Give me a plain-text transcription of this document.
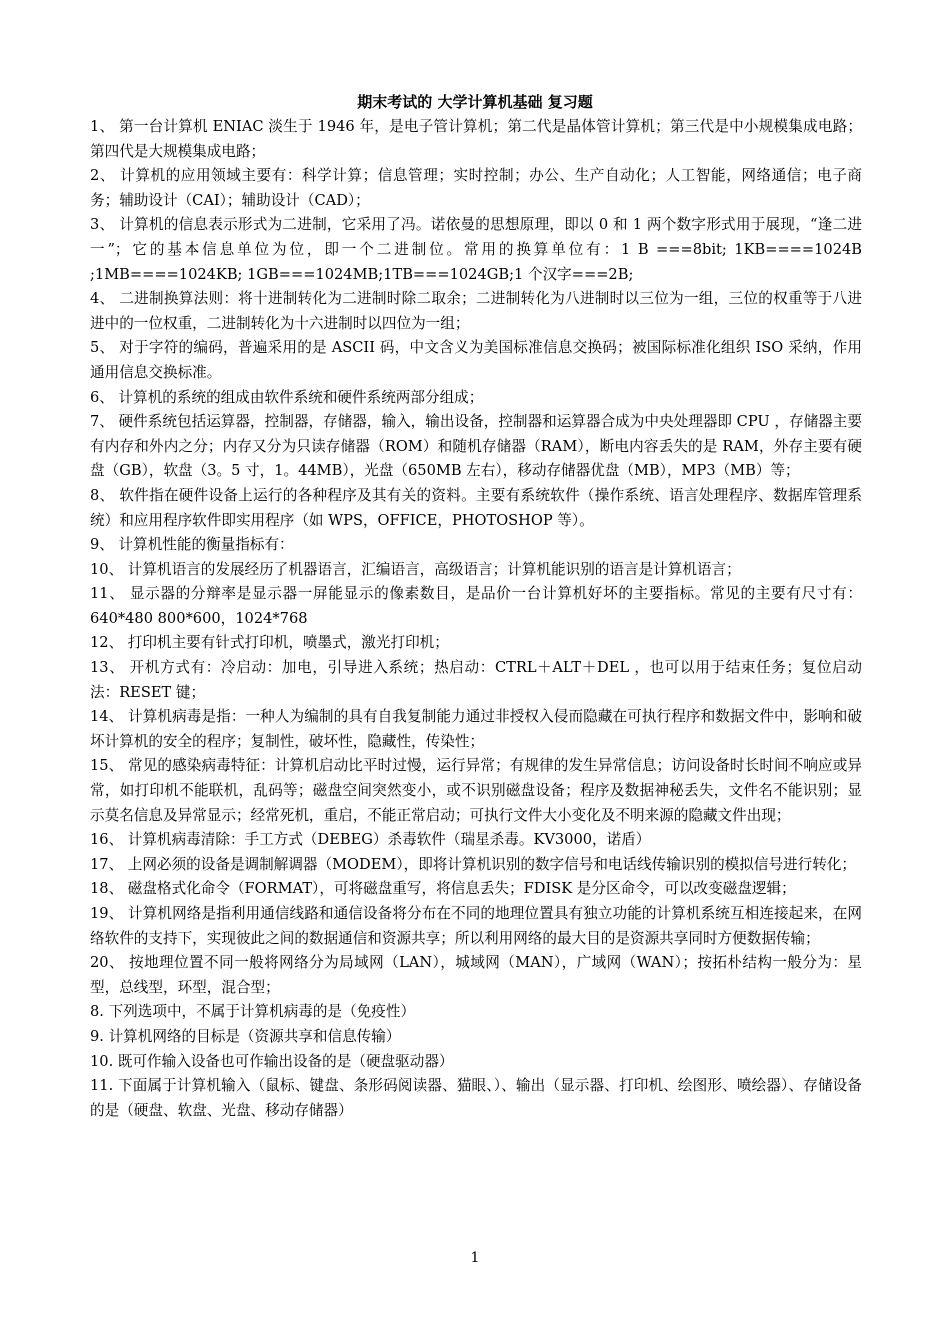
期末考试的 大学计算机基础 复习题

1、 第一台计算机 ENIAC 淡生于 1946 年，是电子管计算机；第二代是晶体管计算机；第三代是中小规模集成电路；第四代是大规模集成电路；

2、 计算机的应用领域主要有：科学计算；信息管理；实时控制；办公、生产自动化；人工智能，网络通信；电子商务；辅助设计（CAI）；辅助设计（CAD）；

3、 计算机的信息表示形式为二进制，它采用了冯。诺依曼的思想原理，即以 0 和 1 两个数字形式用于展现，“逢二进一”；它的基本信息单位为位，即一个二进制位。常用的换算单位有：1 B ===8bit; 1KB====1024B ;1MB====1024KB; 1GB===1024MB;1TB===1024GB;1 个汉字===2B;

4、 二进制换算法则：将十进制转化为二进制时除二取余；二进制转化为八进制时以三位为一组，三位的权重等于八进进中的一位权重，二进制转化为十六进制时以四位为一组；

5、 对于字符的编码，普遍采用的是 ASCII 码，中文含义为美国标准信息交换码；被国际标准化组织 ISO 采纳，作用通用信息交换标准。

6、 计算机的系统的组成由软件系统和硬件系统两部分组成；

7、 硬件系统包括运算器，控制器，存储器，输入，输出设备，控制器和运算器合成为中央处理器即 CPU ，存储器主要有内存和外内之分；内存又分为只读存储器（ROM）和随机存储器（RAM），断电内容丢失的是 RAM，外存主要有硬盘（GB），软盘（3。5 寸，1。44MB），光盘（650MB 左右），移动存储器优盘（MB），MP3（MB）等；

8、 软件指在硬件设备上运行的各种程序及其有关的资料。主要有系统软件（操作系统、语言处理程序、数据库管理系统）和应用程序软件即实用程序（如 WPS，OFFICE，PHOTOSHOP 等）。

9、 计算机性能的衡量指标有：

10、 计算机语言的发展经历了机器语言，汇编语言，高级语言；计算机能识别的语言是计算机语言；

11、 显示器的分辩率是显示器一屏能显示的像素数目，是品价一台计算机好坏的主要指标。常见的主要有尺寸有：640*480 800*600，1024*768

12、 打印机主要有针式打印机，喷墨式，激光打印机；

13、 开机方式有：冷启动：加电，引导进入系统；热启动：CTRL＋ALT＋DEL ，也可以用于结束任务；复位启动法：RESET 键；

14、 计算机病毒是指：一种人为编制的具有自我复制能力通过非授权入侵而隐藏在可执行程序和数据文件中，影响和破坏计算机的安全的程序；复制性，破坏性，隐藏性，传染性；

15、 常见的感染病毒特征：计算机启动比平时过慢，运行异常；有规律的发生异常信息；访问设备时长时间不响应或异常，如打印机不能联机，乱码等；磁盘空间突然变小，或不识别磁盘设备；程序及数据神秘丢失，文件名不能识别；显示莫名信息及异常显示；经常死机，重启，不能正常启动；可执行文件大小变化及不明来源的隐藏文件出现；

16、 计算机病毒清除：手工方式（DEBEG）杀毒软件（瑞星杀毒。KV3000，诺盾）

17、 上网必须的设备是调制解调器（MODEM），即将计算机识别的数字信号和电话线传输识别的模拟信号进行转化；

18、 磁盘格式化命令（FORMAT），可将磁盘重写，将信息丢失；FDISK 是分区命令，可以改变磁盘逻辑；

19、 计算机网络是指利用通信线路和通信设备将分布在不同的地理位置具有独立功能的计算机系统互相连接起来，在网络软件的支持下，实现彼此之间的数据通信和资源共享；所以利用网络的最大目的是资源共享同时方便数据传输；

20、 按地理位置不同一般将网络分为局域网（LAN），城域网（MAN），广域网（WAN）；按拓朴结构一般分为：星型，总线型，环型，混合型；

8. 下列选项中，不属于计算机病毒的是（免疫性）

9. 计算机网络的目标是（资源共享和信息传输）

10. 既可作输入设备也可作输出设备的是（硬盘驱动器）

11. 下面属于计算机输入（鼠标、键盘、条形码阅读器、猫眼、）、输出（显示器、打印机、绘图形、喷绘器）、存储设备的是（硬盘、软盘、光盘、移动存储器）

1
